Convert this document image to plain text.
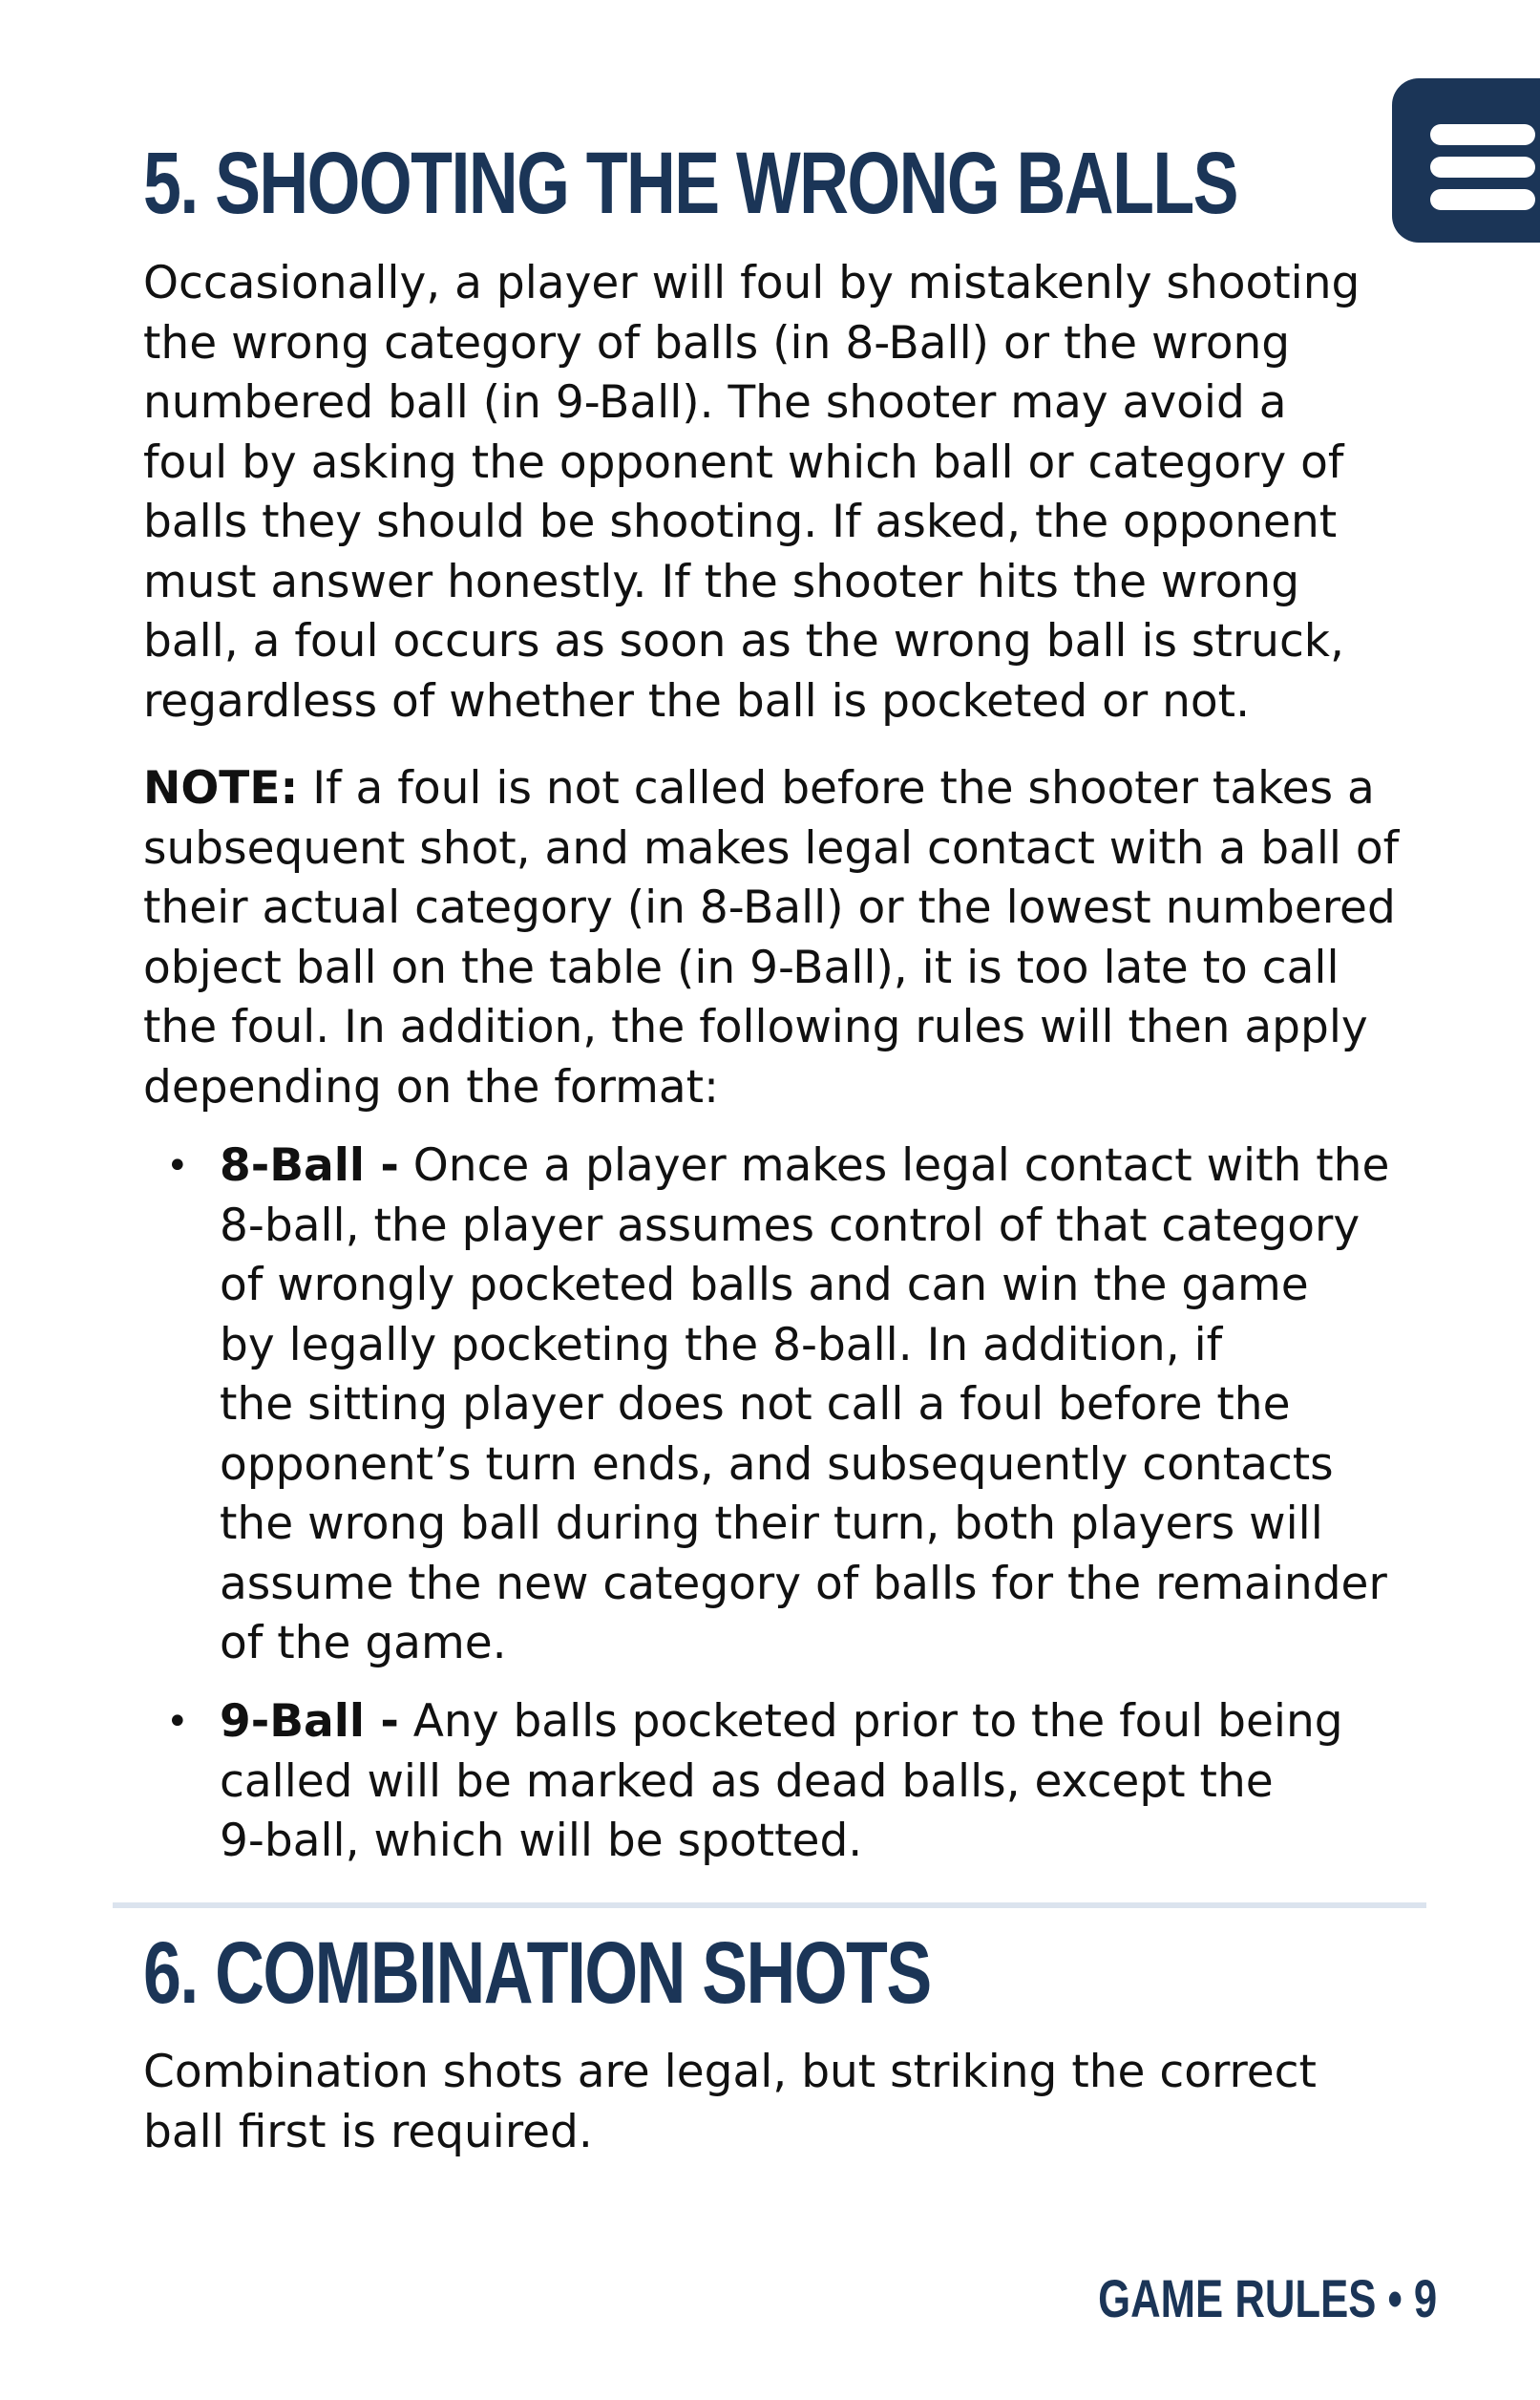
5. SHOOTING THE WRONG BALLS

Occasionally, a player will foul by mistakenly shooting
the wrong category of balls (in 8-Ball) or the wrong
numbered ball (in 9-Ball). The shooter may avoid a
foul by asking the opponent which ball or category of
balls they should be shooting. If asked, the opponent
must answer honestly. If the shooter hits the wrong
ball, a foul occurs as soon as the wrong ball is struck,
regardless of whether the ball is pocketed or not.

NOTE: If a foul is not called before the shooter takes a
subsequent shot, and makes legal contact with a ball of
their actual category (in 8-Ball) or the lowest numbered
object ball on the table (in 9-Ball), it is too late to call
the foul. In addition, the following rules will then apply
depending on the format:

• 8-Ball - Once a player makes legal contact with the
8-ball, the player assumes control of that category
of wrongly pocketed balls and can win the game
by legally pocketing the 8-ball. In addition, if
the sitting player does not call a foul before the
opponent’s turn ends, and subsequently contacts
the wrong ball during their turn, both players will
assume the new category of balls for the remainder
of the game.
• 9-Ball - Any balls pocketed prior to the foul being
called will be marked as dead balls, except the
9-ball, which will be spotted.
6. COMBINATION SHOTS

Combination shots are legal, but striking the correct
ball first is required.

GAME RULES • 9
